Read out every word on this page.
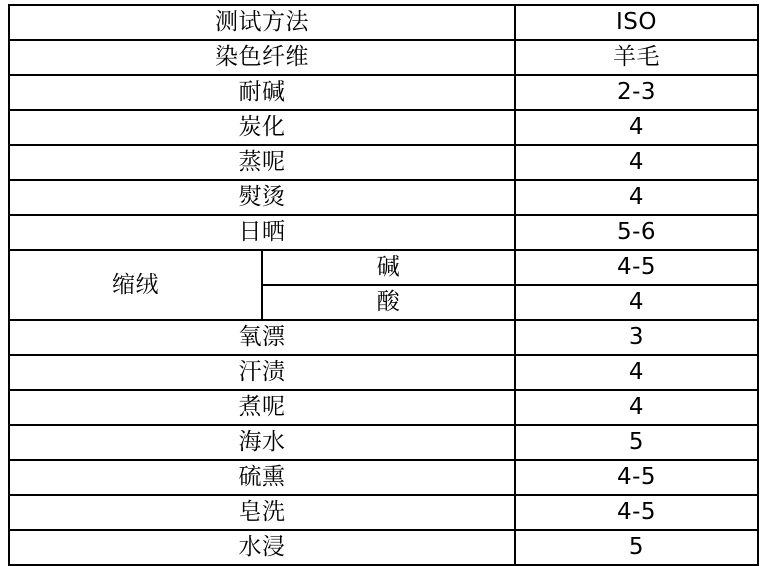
测试方法		ISO
染色纤维		羊毛
耐碱		2-3
炭化		4
蒸呢		4
熨烫		4
日晒		5-6
缩绒	碱	4-5
	酸	4
氧漂		3
汗渍		4
煮呢		4
海水		5
硫熏		4-5
皂洗		4-5
水浸		5
